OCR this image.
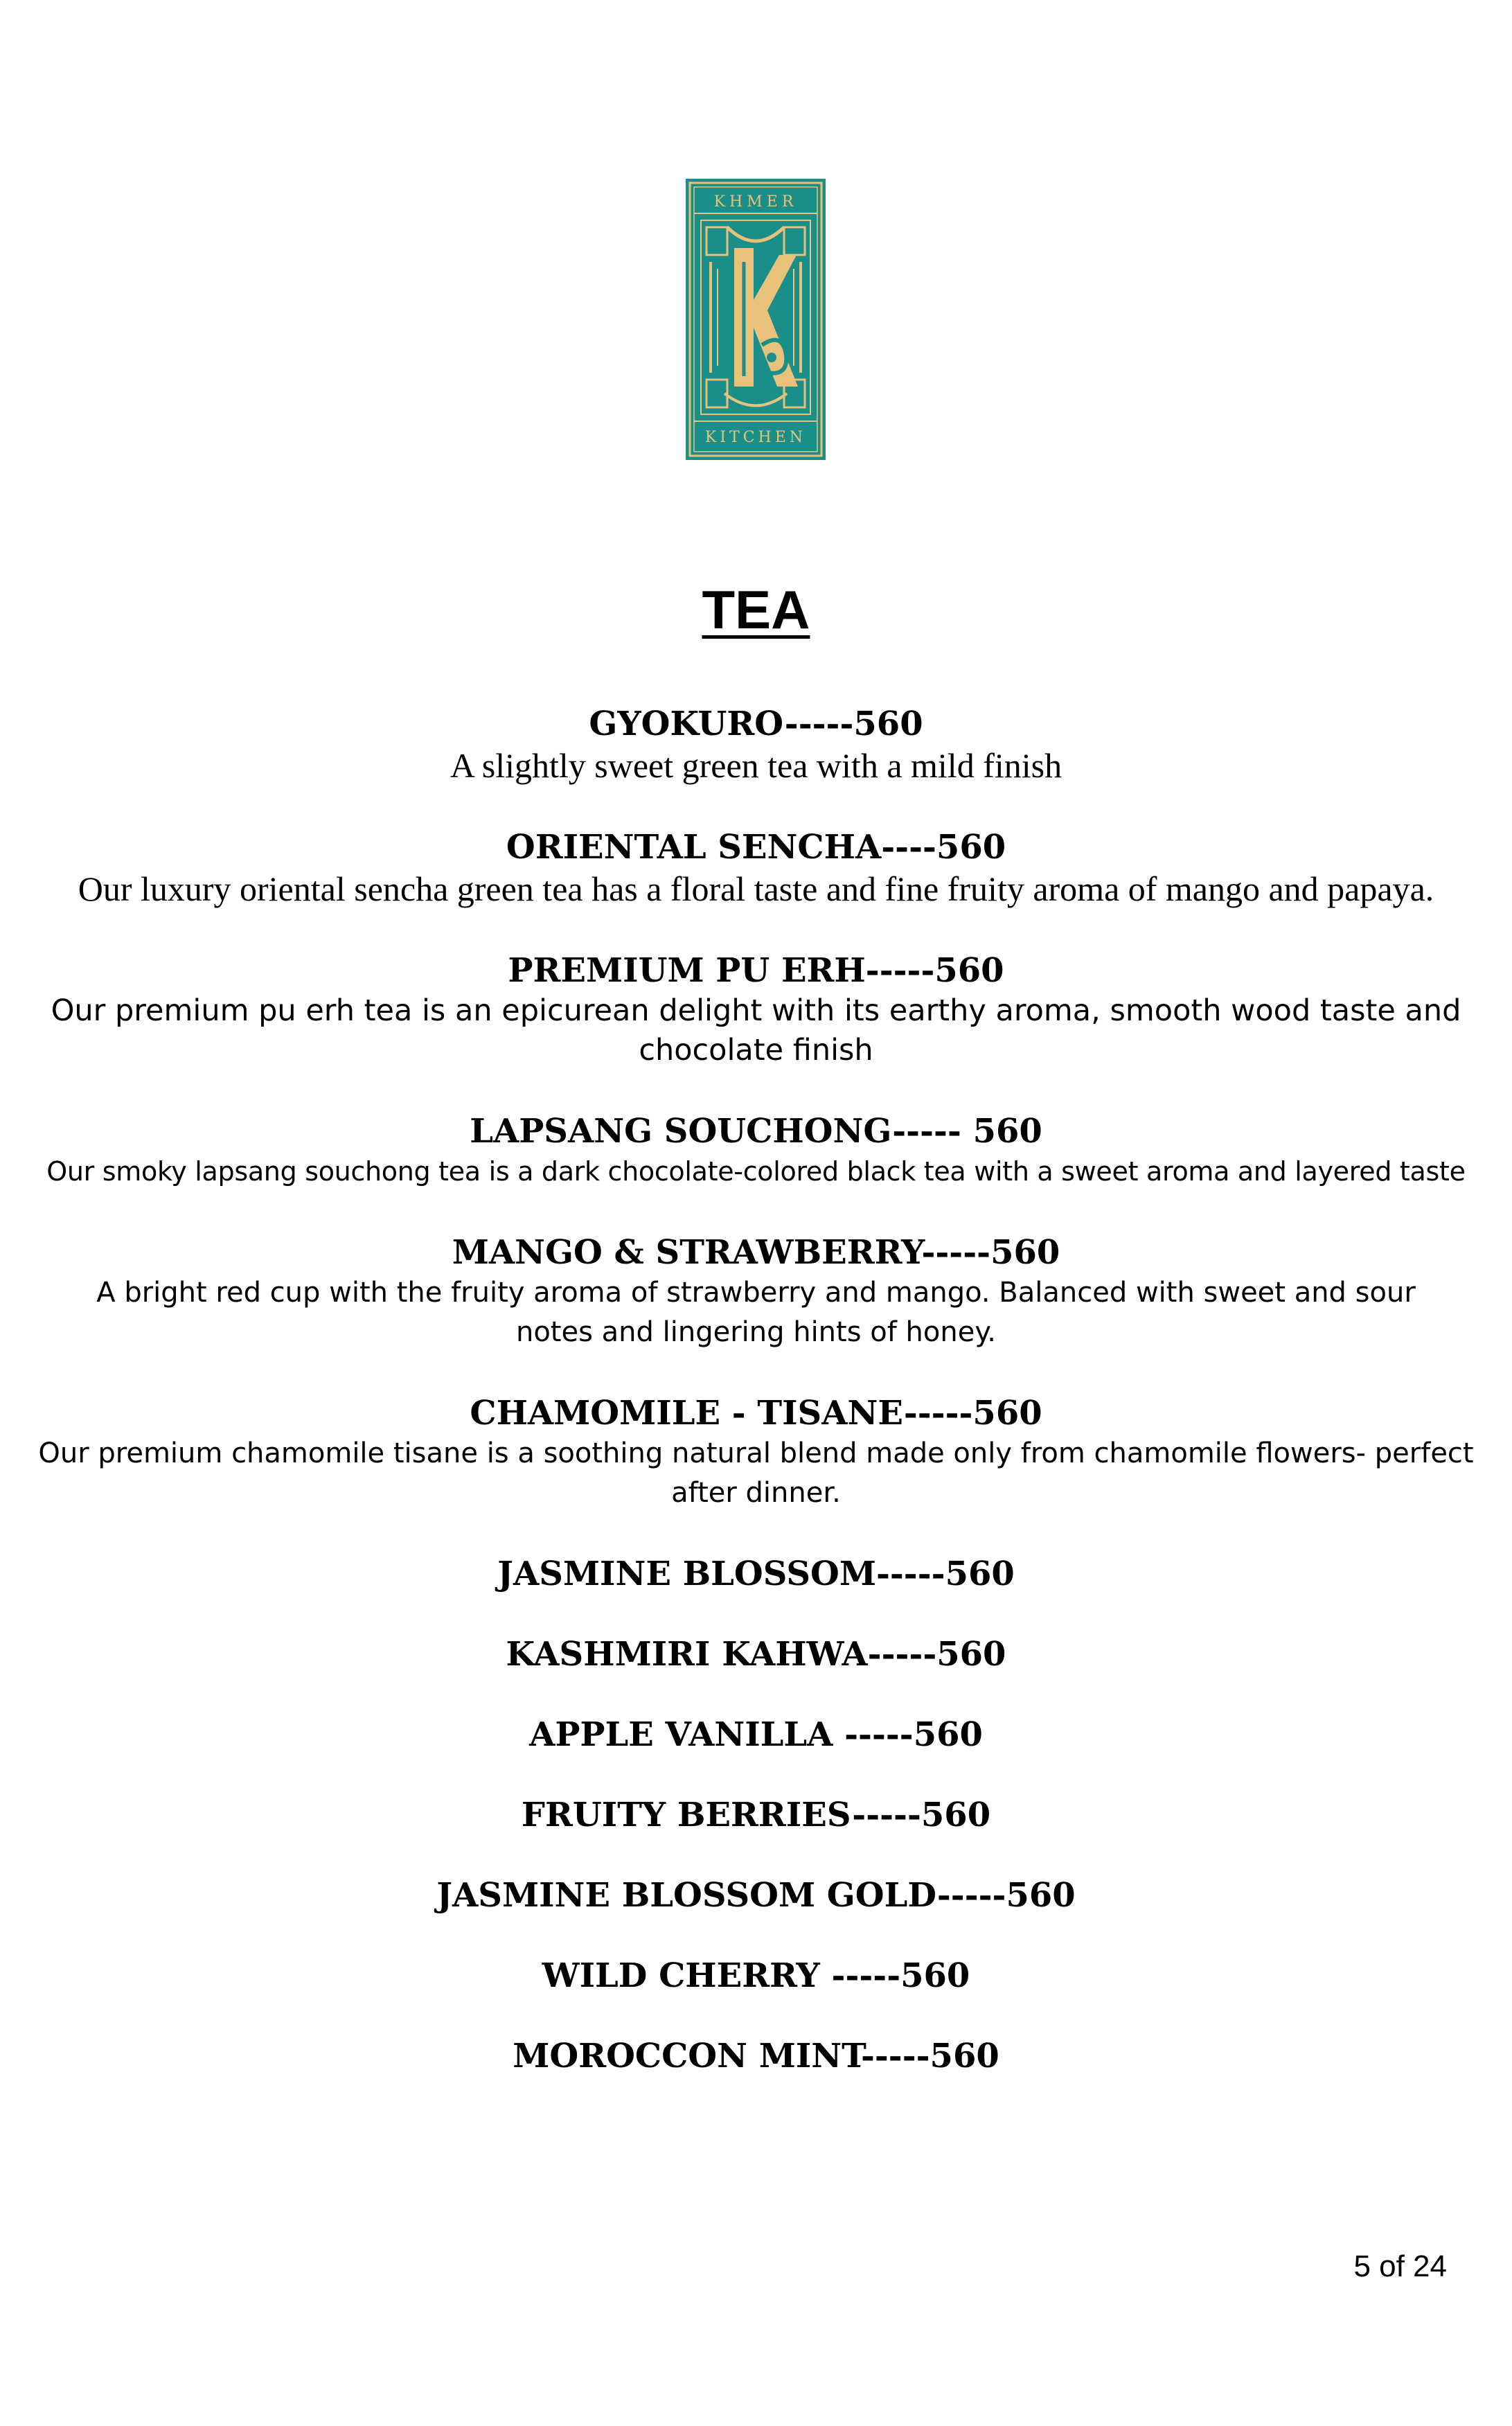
KHMER
KITCHEN
TEA
GYOKURO-----560
A slightly sweet green tea with a mild finish
ORIENTAL SENCHA----560
Our luxury oriental sencha green tea has a floral taste and fine fruity aroma of mango and papaya.
PREMIUM PU ERH-----560
Our premium pu erh tea is an epicurean delight with its earthy aroma, smooth wood taste and chocolate finish
LAPSANG SOUCHONG----- 560
Our smoky lapsang souchong tea is a dark chocolate-colored black tea with a sweet aroma and layered taste
MANGO & STRAWBERRY-----560
A bright red cup with the fruity aroma of strawberry and mango. Balanced with sweet and sour notes and lingering hints of honey.
CHAMOMILE - TISANE-----560
Our premium chamomile tisane is a soothing natural blend made only from chamomile flowers- perfect after dinner.
JASMINE BLOSSOM-----560
KASHMIRI KAHWA-----560
APPLE VANILLA -----560
FRUITY BERRIES-----560
JASMINE BLOSSOM GOLD-----560
WILD CHERRY -----560
MOROCCON MINT-----560
5 of 24
